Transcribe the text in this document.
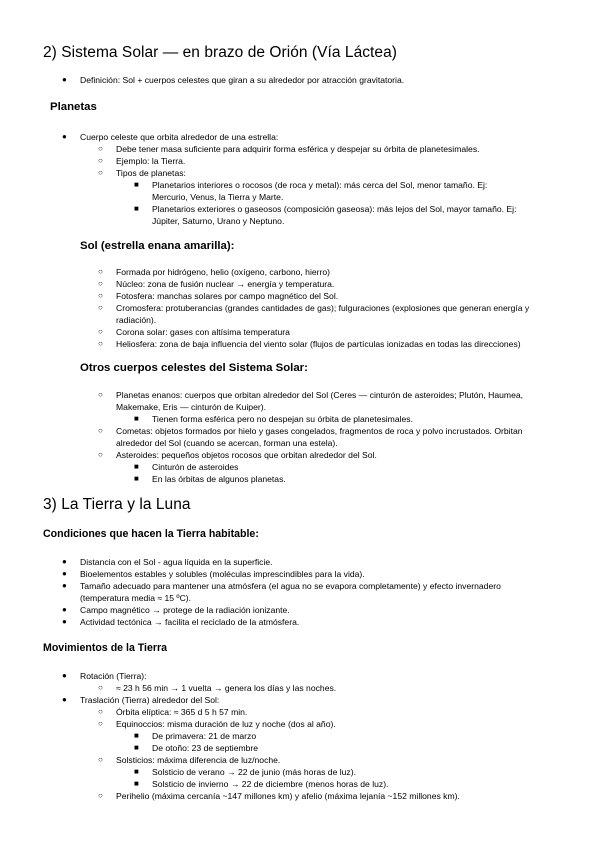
2) Sistema Solar — en brazo de Orión (Vía Láctea)
● Definición: Sol + cuerpos celestes que giran a su alrededor por atracción gravitatoria.
Planetas
● Cuerpo celeste que orbita alrededor de una estrella:
○ Debe tener masa suficiente para adquirir forma esférica y despejar su órbita de planetesimales.
○ Ejemplo: la Tierra.
○ Tipos de planetas:
■ Planetarios interiores o rocosos (de roca y metal): más cerca del Sol, menor tamaño. Ej:
Mercurio, Venus, la Tierra y Marte.
■ Planetarios exteriores o gaseosos (composición gaseosa): más lejos del Sol, mayor tamaño. Ej:
Júpiter, Saturno, Urano y Neptuno.
Sol (estrella enana amarilla):
○ Formada por hidrógeno, helio (oxígeno, carbono, hierro)
○ Núcleo: zona de fusión nuclear → energía y temperatura.
○ Fotosfera: manchas solares por campo magnético del Sol.
○ Cromosfera: protuberancias (grandes cantidades de gas); fulguraciones (explosiones que generan energía y
radiación).
○ Corona solar: gases con altísima temperatura
○ Heliosfera: zona de baja influencia del viento solar (flujos de partículas ionizadas en todas las direcciones)
Otros cuerpos celestes del Sistema Solar:
○ Planetas enanos: cuerpos que orbitan alrededor del Sol (Ceres — cinturón de asteroides; Plutón, Haumea,
Makemake, Eris — cinturón de Kuiper).
■ Tienen forma esférica pero no despejan su órbita de planetesimales.
○ Cometas: objetos formados por hielo y gases congelados, fragmentos de roca y polvo incrustados. Orbitan
alrededor del Sol (cuando se acercan, forman una estela).
○ Asteroides: pequeños objetos rocosos que orbitan alrededor del Sol.
■ Cinturón de asteroides
■ En las órbitas de algunos planetas.
3) La Tierra y la Luna
Condiciones que hacen la Tierra habitable:
● Distancia con el Sol - agua líquida en la superficie.
● Bioelementos estables y solubles (moléculas imprescindibles para la vida).
● Tamaño adecuado para mantener una atmósfera (el agua no se evapora completamente) y efecto invernadero
(temperatura media ≈ 15 ºC).
● Campo magnético → protege de la radiación ionizante.
● Actividad tectónica → facilita el reciclado de la atmósfera.
Movimientos de la Tierra
● Rotación (Tierra):
○ ≈ 23 h 56 min → 1 vuelta → genera los días y las noches.
● Traslación (Tierra) alrededor del Sol:
○ Órbita elíptica: ≈ 365 d 5 h 57 min.
○ Equinoccios: misma duración de luz y noche (dos al año).
■ De primavera: 21 de marzo
■ De otoño: 23 de septiembre
○ Solsticios: máxima diferencia de luz/noche.
■ Solsticio de verano → 22 de junio (más horas de luz).
■ Solsticio de invierno → 22 de diciembre (menos horas de luz).
○ Perihelio (máxima cercanía ~147 millones km) y afelio (máxima lejanía ~152 millones km).
